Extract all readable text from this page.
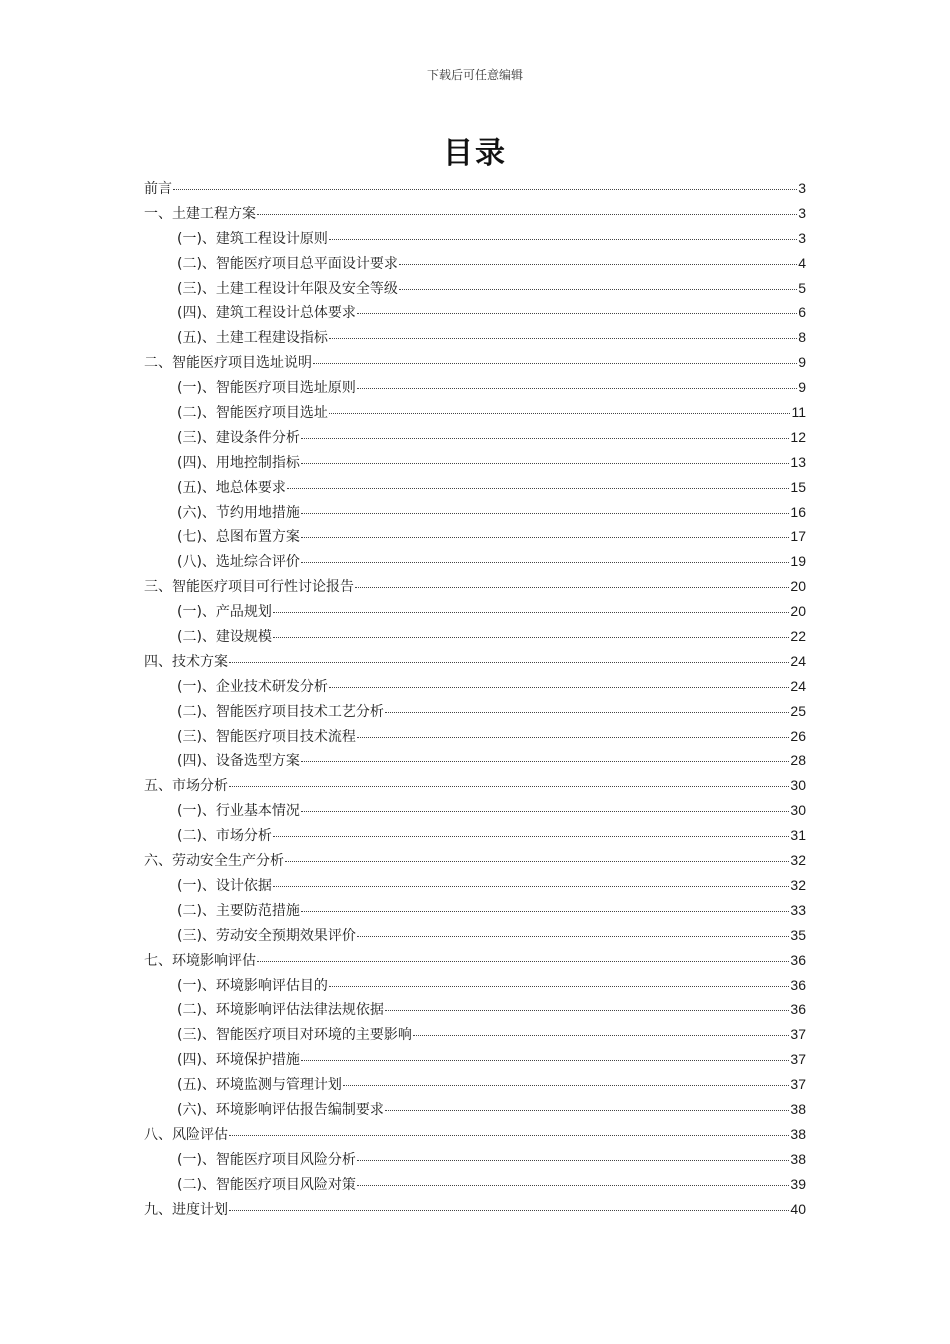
下载后可任意编辑
目录
前言	3
一、土建工程方案	3
(一)、建筑工程设计原则	3
(二)、智能医疗项目总平面设计要求	4
(三)、土建工程设计年限及安全等级	5
(四)、建筑工程设计总体要求	6
(五)、土建工程建设指标	8
二、智能医疗项目选址说明	9
(一)、智能医疗项目选址原则	9
(二)、智能医疗项目选址	11
(三)、建设条件分析	12
(四)、用地控制指标	13
(五)、地总体要求	15
(六)、节约用地措施	16
(七)、总图布置方案	17
(八)、选址综合评价	19
三、智能医疗项目可行性讨论报告	20
(一)、产品规划	20
(二)、建设规模	22
四、技术方案	24
(一)、企业技术研发分析	24
(二)、智能医疗项目技术工艺分析	25
(三)、智能医疗项目技术流程	26
(四)、设备选型方案	28
五、市场分析	30
(一)、行业基本情况	30
(二)、市场分析	31
六、劳动安全生产分析	32
(一)、设计依据	32
(二)、主要防范措施	33
(三)、劳动安全预期效果评价	35
七、环境影响评估	36
(一)、环境影响评估目的	36
(二)、环境影响评估法律法规依据	36
(三)、智能医疗项目对环境的主要影响	37
(四)、环境保护措施	37
(五)、环境监测与管理计划	37
(六)、环境影响评估报告编制要求	38
八、风险评估	38
(一)、智能医疗项目风险分析	38
(二)、智能医疗项目风险对策	39
九、进度计划	40
